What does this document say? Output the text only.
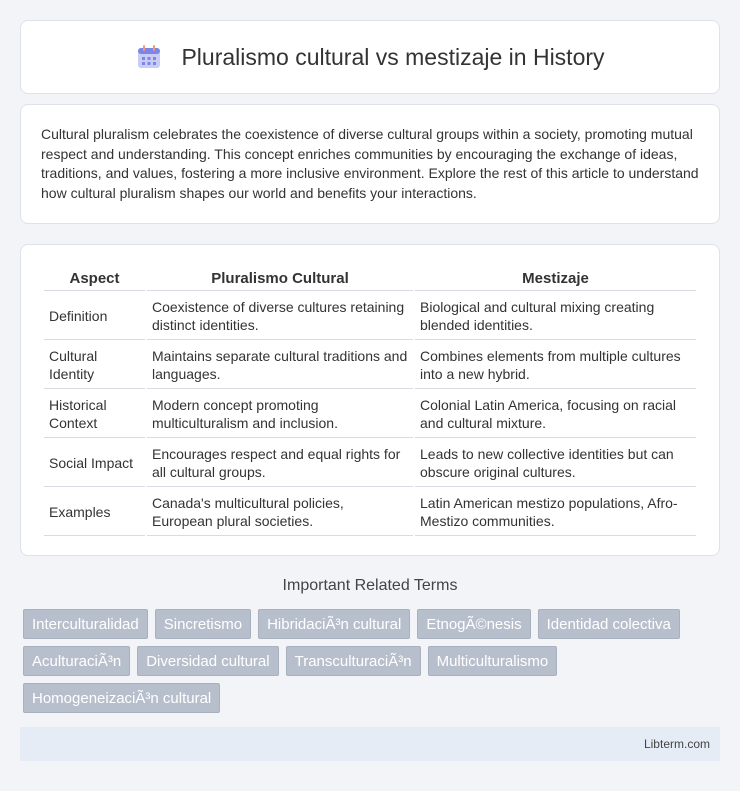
Pluralismo cultural vs mestizaje in History

Cultural pluralism celebrates the coexistence of diverse cultural groups within a society, promoting mutual respect and understanding. This concept enriches communities by encouraging the exchange of ideas, traditions, and values, fostering a more inclusive environment. Explore the rest of this article to understand how cultural pluralism shapes our world and benefits your interactions.

Aspect	Pluralismo Cultural	Mestizaje
Definition	Coexistence of diverse cultures retaining distinct identities.	Biological and cultural mixing creating blended identities.
Cultural Identity	Maintains separate cultural traditions and languages.	Combines elements from multiple cultures into a new hybrid.
Historical Context	Modern concept promoting multiculturalism and inclusion.	Colonial Latin America, focusing on racial and cultural mixture.
Social Impact	Encourages respect and equal rights for all cultural groups.	Leads to new collective identities but can obscure original cultures.
Examples	Canada's multicultural policies, European plural societies.	Latin American mestizo populations, Afro-Mestizo communities.
Important Related Terms
Interculturalidad	Sincretismo	HibridaciÃ³n cultural	EtnogÃ©nesis	Identidad colectiva
AculturaciÃ³n	Diversidad cultural	TransculturaciÃ³n	Multiculturalismo
HomogeneizaciÃ³n cultural
Libterm.com
